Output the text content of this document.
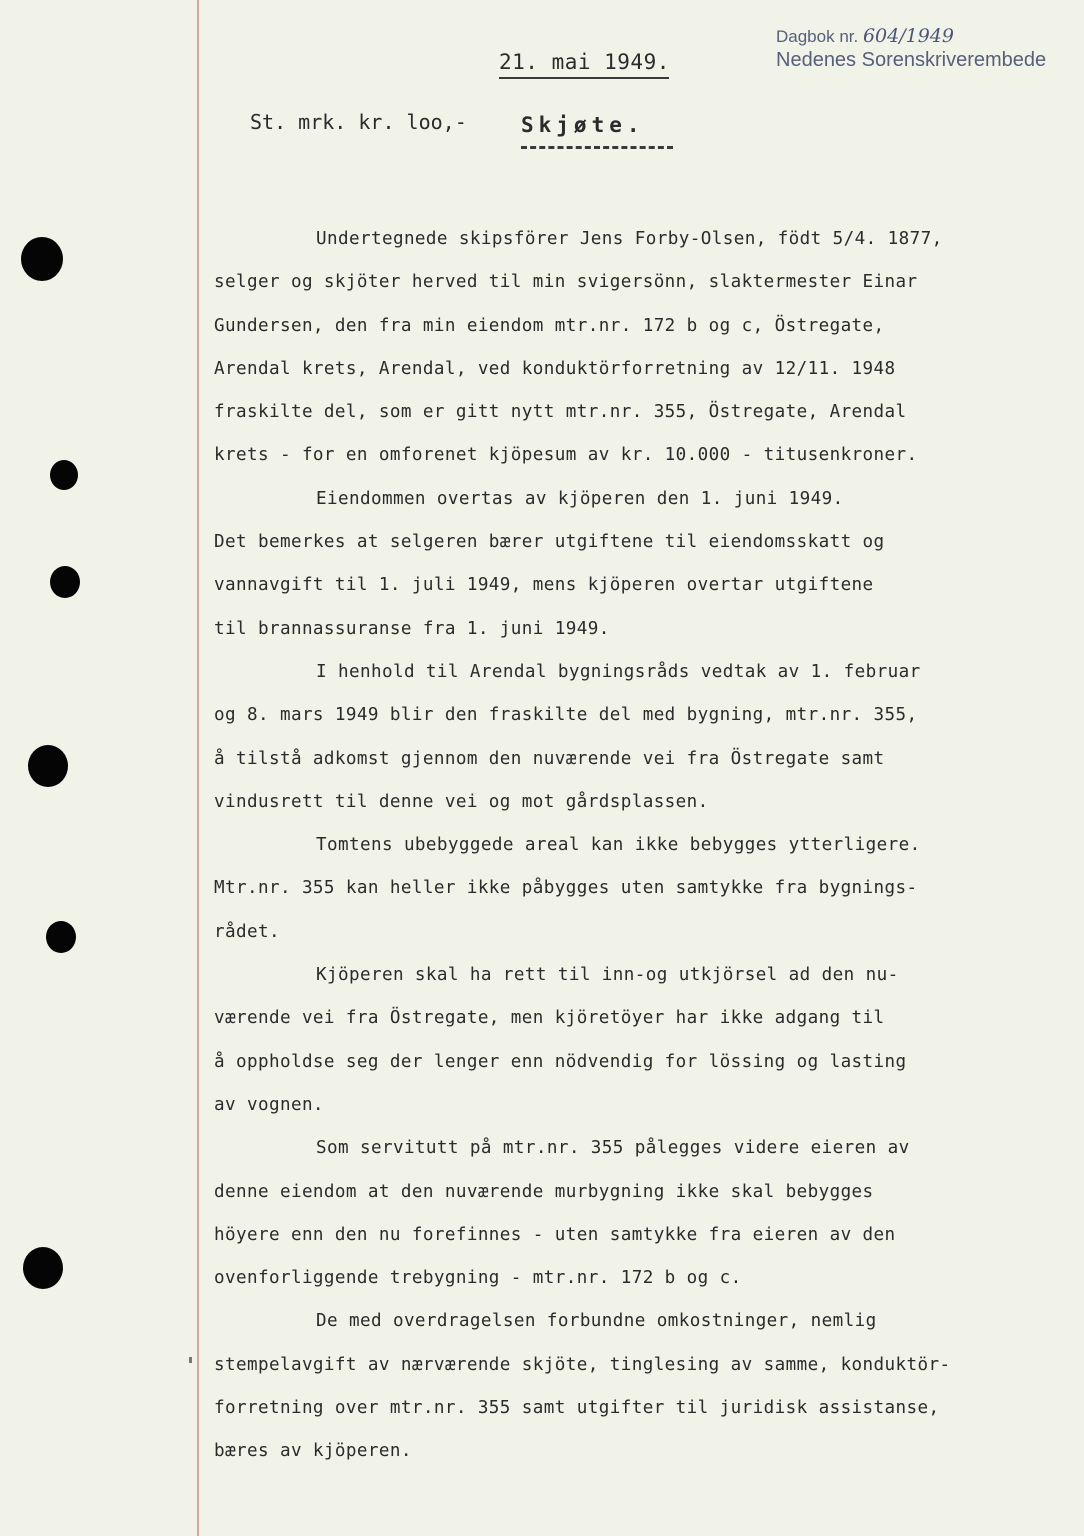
Dagbok nr. 604/1949
Nedenes Sorenskriverembede
21. mai 1949.
St. mrk. kr. loo,-	Skjøte.
Undertegnede skipsförer Jens Forby-Olsen, födt 5/4. 1877,
selger og skjöter herved til min svigersönn, slaktermester Einar
Gundersen, den fra min eiendom mtr.nr. 172 b og c, Östregate,
Arendal krets, Arendal, ved konduktörforretning av 12/11. 1948
fraskilte del, som er gitt nytt mtr.nr. 355, Östregate, Arendal
krets - for en omforenet kjöpesum av kr. 10.000 - titusenkroner.
Eiendommen overtas av kjöperen den 1. juni 1949.
Det bemerkes at selgeren bærer utgiftene til eiendomsskatt og
vannavgift til 1. juli 1949, mens kjöperen overtar utgiftene
til brannassuranse fra 1. juni 1949.
I henhold til Arendal bygningsråds vedtak av 1. februar
og 8. mars 1949 blir den fraskilte del med bygning, mtr.nr. 355,
å tilstå adkomst gjennom den nuværende vei fra Östregate samt
vindusrett til denne vei og mot gårdsplassen.
Tomtens ubebyggede areal kan ikke bebygges ytterligere.
Mtr.nr. 355 kan heller ikke påbygges uten samtykke fra bygnings-
rådet.
Kjöperen skal ha rett til inn-og utkjörsel ad den nu-
værende vei fra Östregate, men kjöretöyer har ikke adgang til
å oppholdse seg der lenger enn nödvendig for lössing og lasting
av vognen.
Som servitutt på mtr.nr. 355 pålegges videre eieren av
denne eiendom at den nuværende murbygning ikke skal bebygges
höyere enn den nu forefinnes - uten samtykke fra eieren av den
ovenforliggende trebygning - mtr.nr. 172 b og c.
De med overdragelsen forbundne omkostninger, nemlig
stempelavgift av nærværende skjöte, tinglesing av samme, konduktör-
forretning over mtr.nr. 355 samt utgifter til juridisk assistanse,
bæres av kjöperen.
